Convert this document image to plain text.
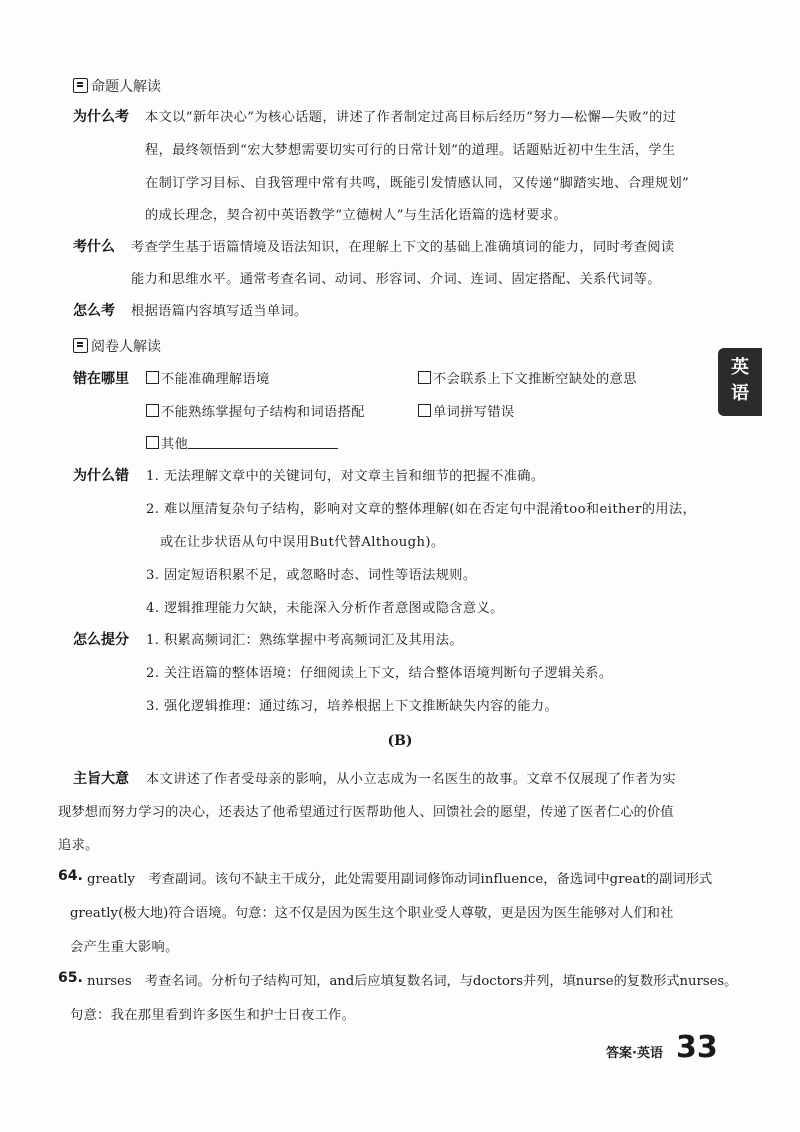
命题人解读
为什么考 本文以“新年决心”为核心话题，讲述了作者制定过高目标后经历“努力—松懈—失败”的过
程，最终领悟到“宏大梦想需要切实可行的日常计划”的道理。话题贴近初中生生活，学生
在制订学习目标、自我管理中常有共鸣，既能引发情感认同，又传递“脚踏实地、合理规划”
的成长理念，契合初中英语教学“立德树人”与生活化语篇的选材要求。
考什么 考查学生基于语篇情境及语法知识，在理解上下文的基础上准确填词的能力，同时考查阅读
能力和思维水平。通常考查名词、动词、形容词、介词、连词、固定搭配、关系代词等。
怎么考 根据语篇内容填写适当单词。
阅卷人解读
错在哪里	不能准确理解语境	不会联系上下文推断空缺处的意思
不能熟练掌握句子结构和词语搭配	单词拼写错误
其他
为什么错 1. 无法理解文章中的关键词句，对文章主旨和细节的把握不准确。
2. 难以厘清复杂句子结构，影响对文章的整体理解(如在否定句中混淆too和either的用法，
或在让步状语从句中误用But代替Although)。
3. 固定短语积累不足，或忽略时态、词性等语法规则。
4. 逻辑推理能力欠缺，未能深入分析作者意图或隐含意义。
怎么提分 1. 积累高频词汇：熟练掌握中考高频词汇及其用法。
2. 关注语篇的整体语境：仔细阅读上下文，结合整体语境判断句子逻辑关系。
3. 强化逻辑推理：通过练习，培养根据上下文推断缺失内容的能力。
(B)
主旨大意 本文讲述了作者受母亲的影响，从小立志成为一名医生的故事。文章不仅展现了作者为实
现梦想而努力学习的决心，还表达了他希望通过行医帮助他人、回馈社会的愿望，传递了医者仁心的价值
追求。
64. greatly　考查副词。该句不缺主干成分，此处需要用副词修饰动词influence，备选词中great的副词形式
greatly(极大地)符合语境。句意：这不仅是因为医生这个职业受人尊敬，更是因为医生能够对人们和社
会产生重大影响。
65. nurses　考查名词。分析句子结构可知，and后应填复数名词，与doctors并列，填nurse的复数形式nurses。
句意：我在那里看到许多医生和护士日夜工作。
英
语
答案·英语 33
